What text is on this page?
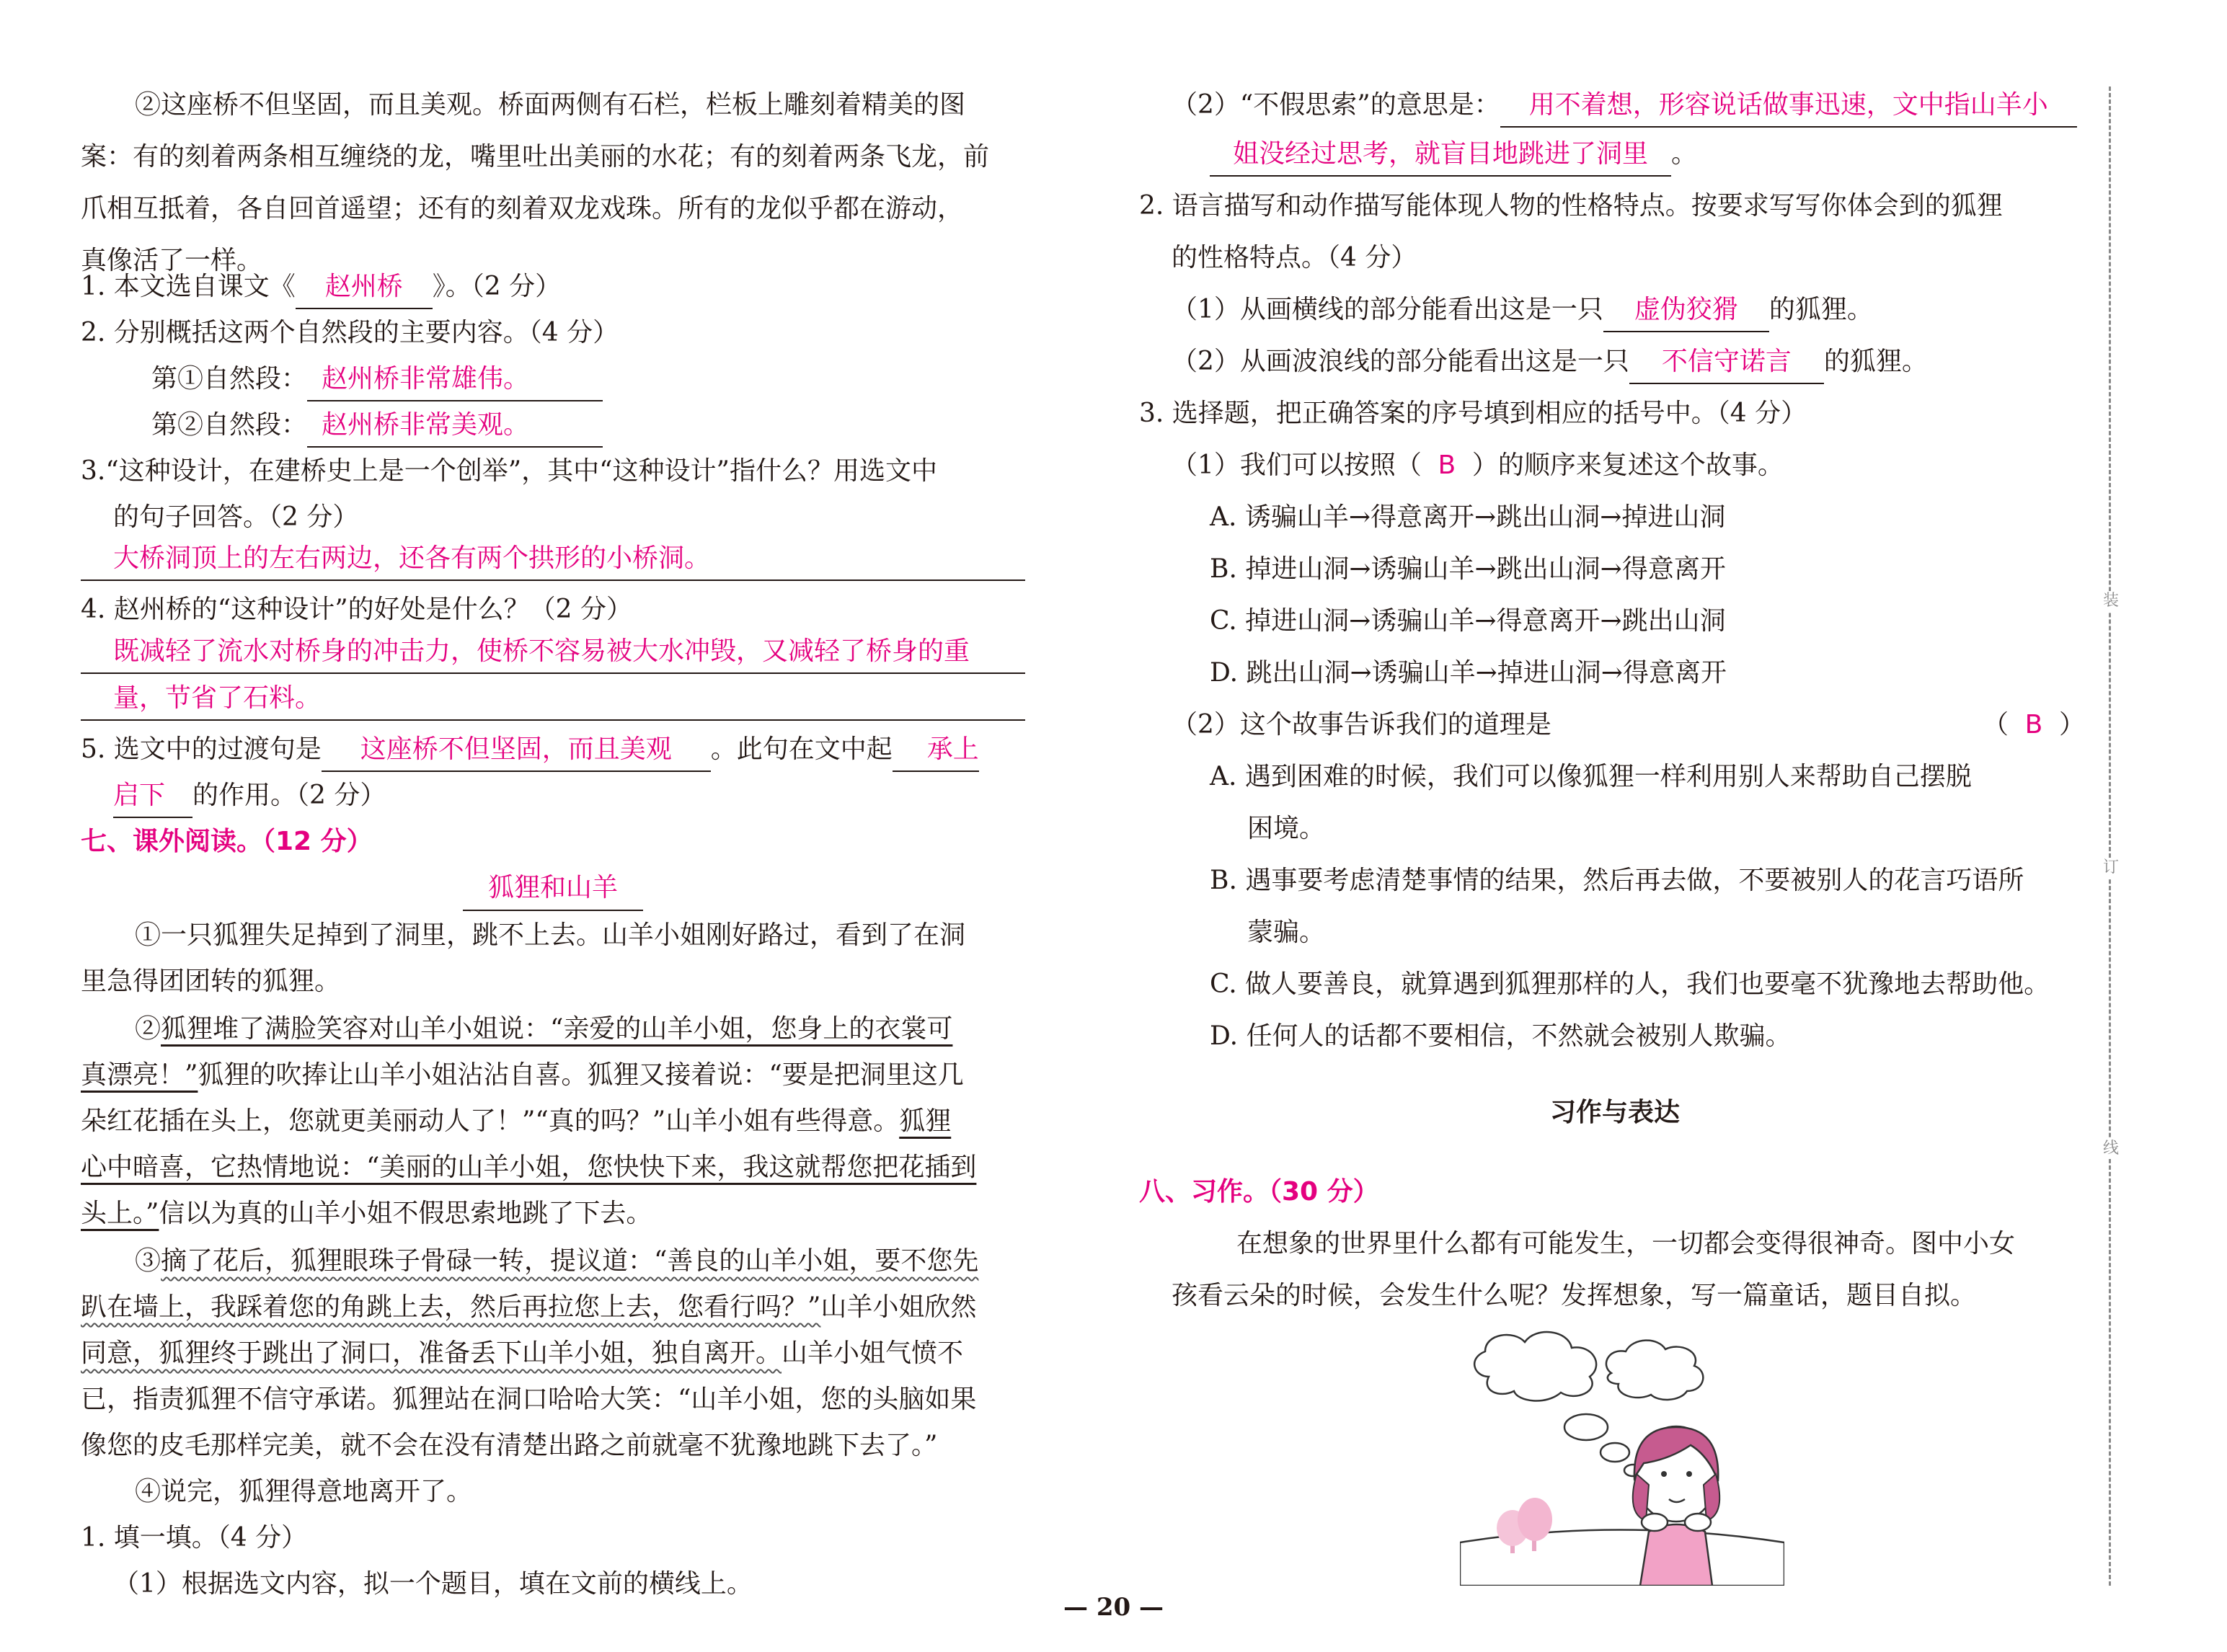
②这座桥不但坚固，而且美观。桥面两侧有石栏，栏板上雕刻着精美的图
案：有的刻着两条相互缠绕的龙，嘴里吐出美丽的水花；有的刻着两条飞龙，前
爪相互抵着，各自回首遥望；还有的刻着双龙戏珠。所有的龙似乎都在游动，
真像活了一样。
1. 本文选自课文《 赵州桥 》。（2 分）
2. 分别概括这两个自然段的主要内容。（4 分）
第①自然段： 赵州桥非常雄伟。
第②自然段： 赵州桥非常美观。
3.“这种设计，在建桥史上是一个创举”，其中“这种设计”指什么？用选文中
的句子回答。（2 分）
大桥洞顶上的左右两边，还各有两个拱形的小桥洞。
4. 赵州桥的“这种设计”的好处是什么？（2 分）
既减轻了流水对桥身的冲击力，使桥不容易被大水冲毁，又减轻了桥身的重
量，节省了石料。
5. 选文中的过渡句是 这座桥不但坚固，而且美观 。此句在文中起 承上
启下 的作用。（2 分）
七、课外阅读。（12 分）
狐狸和山羊
①一只狐狸失足掉到了洞里，跳不上去。山羊小姐刚好路过，看到了在洞
里急得团团转的狐狸。
②狐狸堆了满脸笑容对山羊小姐说：“亲爱的山羊小姐，您身上的衣裳可
真漂亮！”狐狸的吹捧让山羊小姐沾沾自喜。狐狸又接着说：“要是把洞里这几
朵红花插在头上，您就更美丽动人了！”“真的吗？”山羊小姐有些得意。狐狸
心中暗喜，它热情地说：“美丽的山羊小姐，您快快下来，我这就帮您把花插到
头上。”信以为真的山羊小姐不假思索地跳了下去。
③摘了花后，狐狸眼珠子骨碌一转，提议道：“善良的山羊小姐，要不您先
趴在墙上，我踩着您的角跳上去，然后再拉您上去，您看行吗？”山羊小姐欣然
同意，狐狸终于跳出了洞口，准备丢下山羊小姐，独自离开。山羊小姐气愤不
已，指责狐狸不信守承诺。狐狸站在洞口哈哈大笑：“山羊小姐，您的头脑如果
像您的皮毛那样完美，就不会在没有清楚出路之前就毫不犹豫地跳下去了。”
④说完，狐狸得意地离开了。
1. 填一填。（4 分）
（1）根据选文内容，拟一个题目，填在文前的横线上。
（2）“不假思索”的意思是： 用不着想，形容说话做事迅速，文中指山羊小
姐没经过思考，就盲目地跳进了洞里 。
2. 语言描写和动作描写能体现人物的性格特点。按要求写写你体会到的狐狸
的性格特点。（4 分）
（1）从画横线的部分能看出这是一只 虚伪狡猾 的狐狸。
（2）从画波浪线的部分能看出这是一只 不信守诺言 的狐狸。
3. 选择题，把正确答案的序号填到相应的括号中。（4 分）
（1）我们可以按照（ B ）的顺序来复述这个故事。
A. 诱骗山羊→得意离开→跳出山洞→掉进山洞
B. 掉进山洞→诱骗山羊→跳出山洞→得意离开
C. 掉进山洞→诱骗山羊→得意离开→跳出山洞
D. 跳出山洞→诱骗山羊→掉进山洞→得意离开
（2）这个故事告诉我们的道理是	（ B ）
A. 遇到困难的时候，我们可以像狐狸一样利用别人来帮助自己摆脱
困境。
B. 遇事要考虑清楚事情的结果，然后再去做，不要被别人的花言巧语所
蒙骗。
C. 做人要善良，就算遇到狐狸那样的人，我们也要毫不犹豫地去帮助他。
D. 任何人的话都不要相信，不然就会被别人欺骗。
习作与表达
八、习作。（30 分）
在想象的世界里什么都有可能发生，一切都会变得很神奇。图中小女
孩看云朵的时候，会发生什么呢？发挥想象，写一篇童话，题目自拟。
装
订
线
— 20 —
